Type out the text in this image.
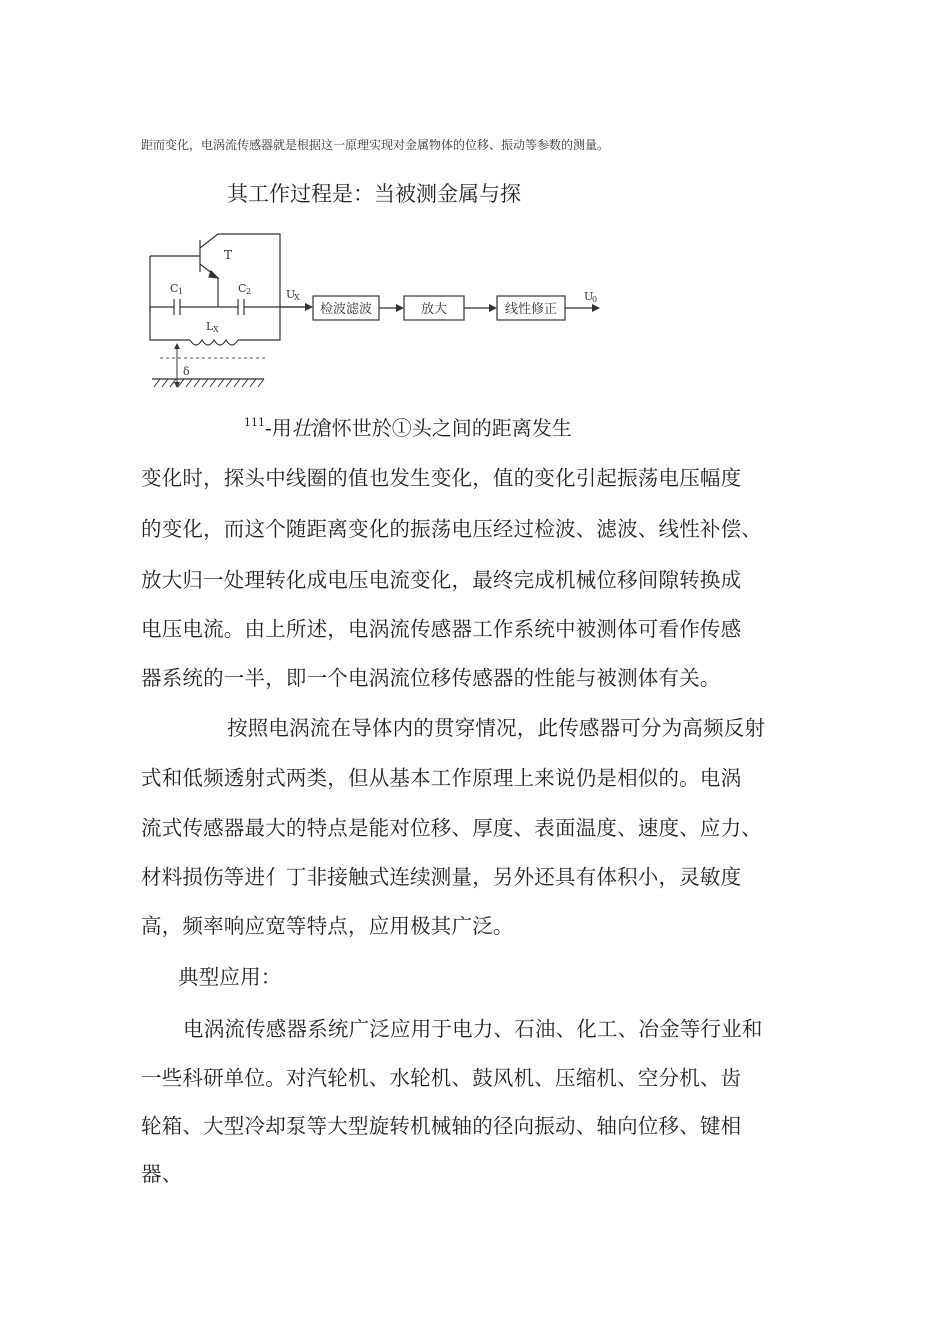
距而变化，电涡流传感器就是根据这一原理实现对金属物体的位移、振动等参数的测量。
其工作过程是：当被测金属与探
T
C 1	C 2
L X
U
X
δ
检波滤波	放大	线性修正
U
0
$^{111}$-用壮滄怀世於①头之间的距离发生
变化时，探头中线圈的值也发生变化，值的变化引起振荡电压幅度
的变化，而这个随距离变化的振荡电压经过检波、滤波、线性补偿、
放大归一处理转化成电压电流变化，最终完成机械位移间隙转换成
电压电流。由上所述，电涡流传感器工作系统中被测体可看作传感
器系统的一半，即一个电涡流位移传感器的性能与被测体有关。
按照电涡流在导体内的贯穿情况，此传感器可分为高频反射
式和低频透射式两类，但从基本工作原理上来说仍是相似的。电涡
流式传感器最大的特点是能对位移、厚度、表面温度、速度、应力、
材料损伤等进亻丁非接触式连续测量，另外还具有体积小，灵敏度
高，频率响应宽等特点，应用极其广泛。
典型应用：
电涡流传感器系统广泛应用于电力、石油、化工、冶金等行业和
一些科研单位。对汽轮机、水轮机、鼓风机、压缩机、空分机、齿
轮箱、大型冷却泵等大型旋转机械轴的径向振动、轴向位移、键相
器、
